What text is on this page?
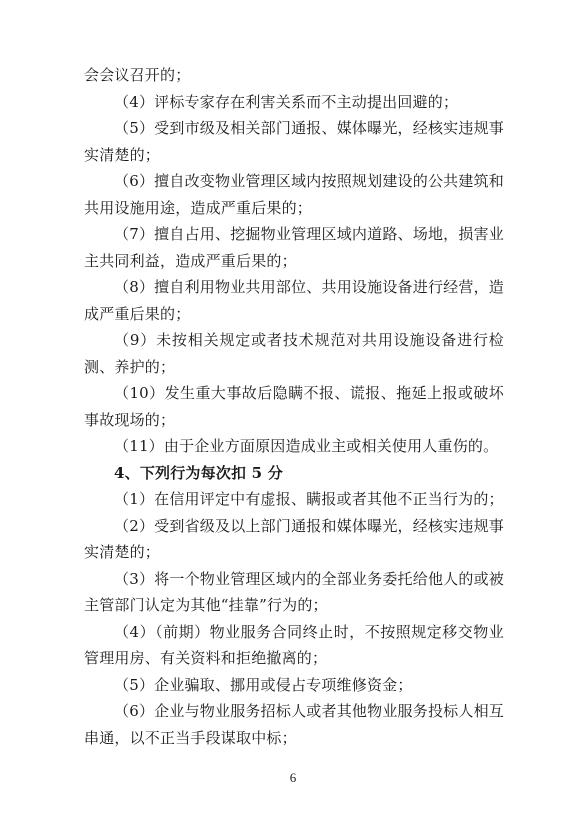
会会议召开的；

（4）评标专家存在利害关系而不主动提出回避的；

（5）受到市级及相关部门通报、媒体曝光，经核实违规事实清楚的；

（6）擅自改变物业管理区域内按照规划建设的公共建筑和共用设施用途，造成严重后果的；

（7）擅自占用、挖掘物业管理区域内道路、场地，损害业主共同利益，造成严重后果的；

（8）擅自利用物业共用部位、共用设施设备进行经营，造成严重后果的；

（9）未按相关规定或者技术规范对共用设施设备进行检测、养护的；

（10）发生重大事故后隐瞒不报、谎报、拖延上报或破坏事故现场的；

（11）由于企业方面原因造成业主或相关使用人重伤的。

4、下列行为每次扣 5 分

（1）在信用评定中有虚报、瞒报或者其他不正当行为的；

（2）受到省级及以上部门通报和媒体曝光，经核实违规事实清楚的；

（3）将一个物业管理区域内的全部业务委托给他人的或被主管部门认定为其他“挂靠”行为的；

（4）（前期）物业服务合同终止时，不按照规定移交物业管理用房、有关资料和拒绝撤离的；

（5）企业骗取、挪用或侵占专项维修资金；

（6）企业与物业服务招标人或者其他物业服务投标人相互串通，以不正当手段谋取中标；

6
